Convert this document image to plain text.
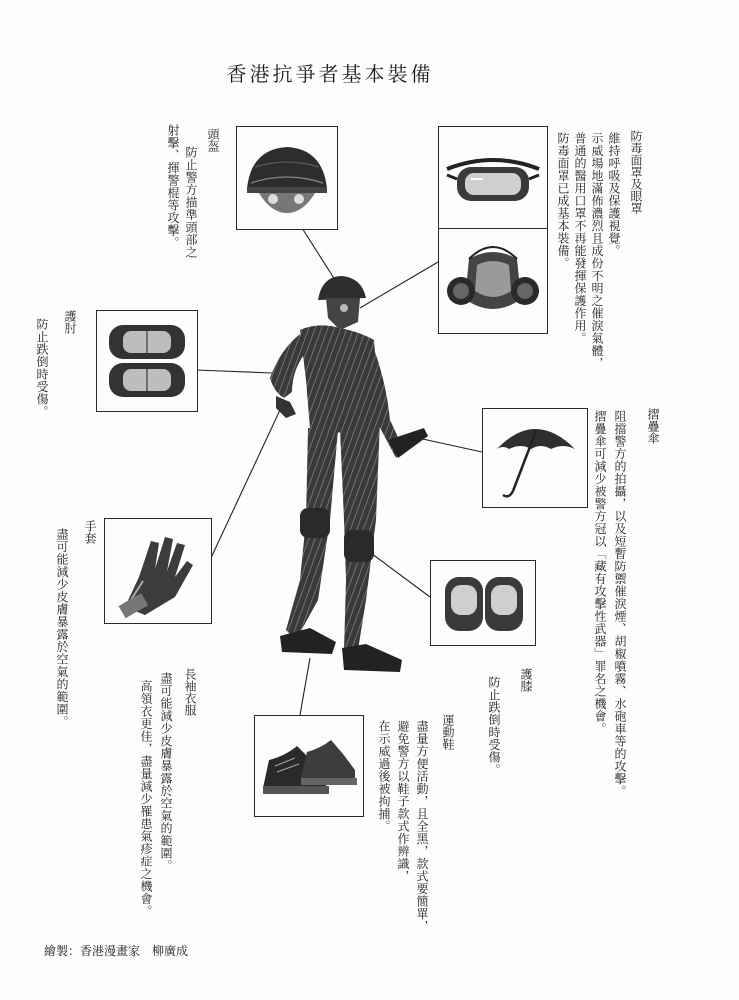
香港抗爭者基本裝備
頭盔
防止警方描準頭部之
射擊、揮警棍等攻擊。	防毒面罩及眼罩
維持呼吸及保護視覺。
示威場地滿佈濃烈且成份不明之催淚氣體，
普通的醫用口罩不再能發揮保護作用。
防毒面罩已成基本裝備。
護肘
防止跌倒時受傷。
摺疊傘
阻擋警方的拍攝，以及短暫防禦催淚煙、胡椒噴霧、水砲車等的攻擊。
摺疊傘可減少被警方冠以「藏有攻擊性武器」罪名之機會。
手套
盡可能減少皮膚暴露於空氣的範圍。	長袖衣服
盡可能減少皮膚暴露於空氣的範圍。
高領衣更佳，盡量減少罹患氣疹症之機會。	護膝
防止跌倒時受傷。
運動鞋
盡量方便活動，且全黑，款式要簡單，
避免警方以鞋子款式作辨識，
在示威過後被拘捕。
繪製：香港漫畫家　柳廣成
